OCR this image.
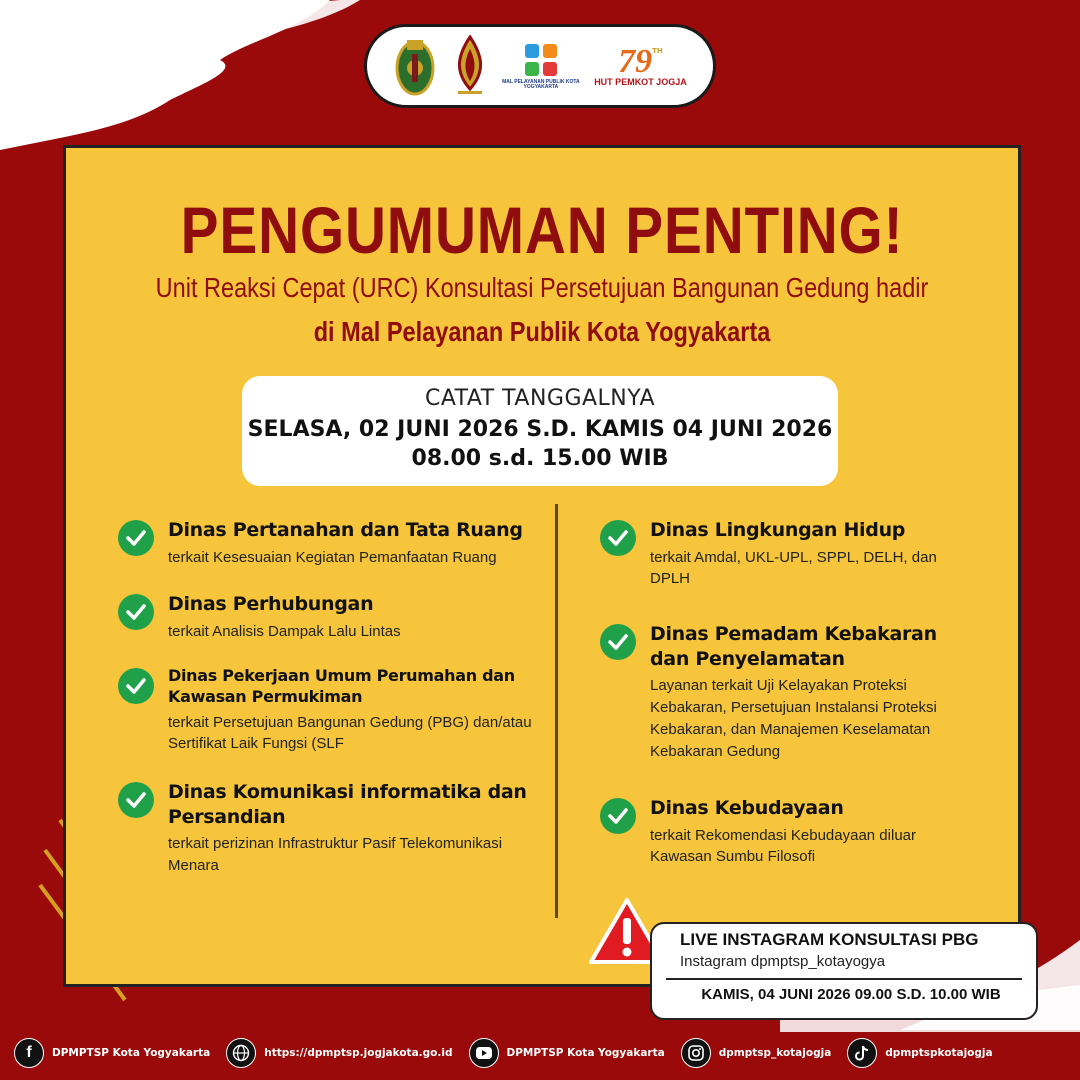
MAL PELAYANAN PUBLIK KOTA YOGYAKARTA
79 TH
HUT PEMKOT JOGJA
PENGUMUMAN PENTING!
Unit Reaksi Cepat (URC) Konsultasi Persetujuan Bangunan Gedung hadir
di Mal Pelayanan Publik Kota Yogyakarta
CATAT TANGGALNYA
SELASA, 02 JUNI 2026 S.D. KAMIS 04 JUNI 2026
08.00 s.d. 15.00 WIB
Dinas Pertanahan dan Tata Ruang
terkait Kesesuaian Kegiatan Pemanfaatan Ruang
Dinas Perhubungan
terkait Analisis Dampak Lalu Lintas
Dinas Pekerjaan Umum Perumahan dan Kawasan Permukiman
terkait Persetujuan Bangunan Gedung (PBG) dan/atau Sertifikat Laik Fungsi (SLF
Dinas Komunikasi informatika dan Persandian
terkait perizinan Infrastruktur Pasif Telekomunikasi Menara
Dinas Lingkungan Hidup
terkait Amdal, UKL-UPL, SPPL, DELH, dan DPLH
Dinas Pemadam Kebakaran dan Penyelamatan
Layanan terkait Uji Kelayakan Proteksi Kebakaran, Persetujuan Instalansi Proteksi Kebakaran, dan Manajemen Keselamatan Kebakaran Gedung
Dinas Kebudayaan
terkait Rekomendasi Kebudayaan diluar Kawasan Sumbu Filosofi
LIVE INSTAGRAM KONSULTASI PBG
Instagram dpmptsp_kotayogya
KAMIS, 04 JUNI 2026 09.00 S.D. 10.00 WIB
f DPMPTSP Kota Yogyakarta	https://dpmptsp.jogjakota.go.id	DPMPTSP Kota Yogyakarta	dpmptsp_kotajogja	dpmptspkotajogja
